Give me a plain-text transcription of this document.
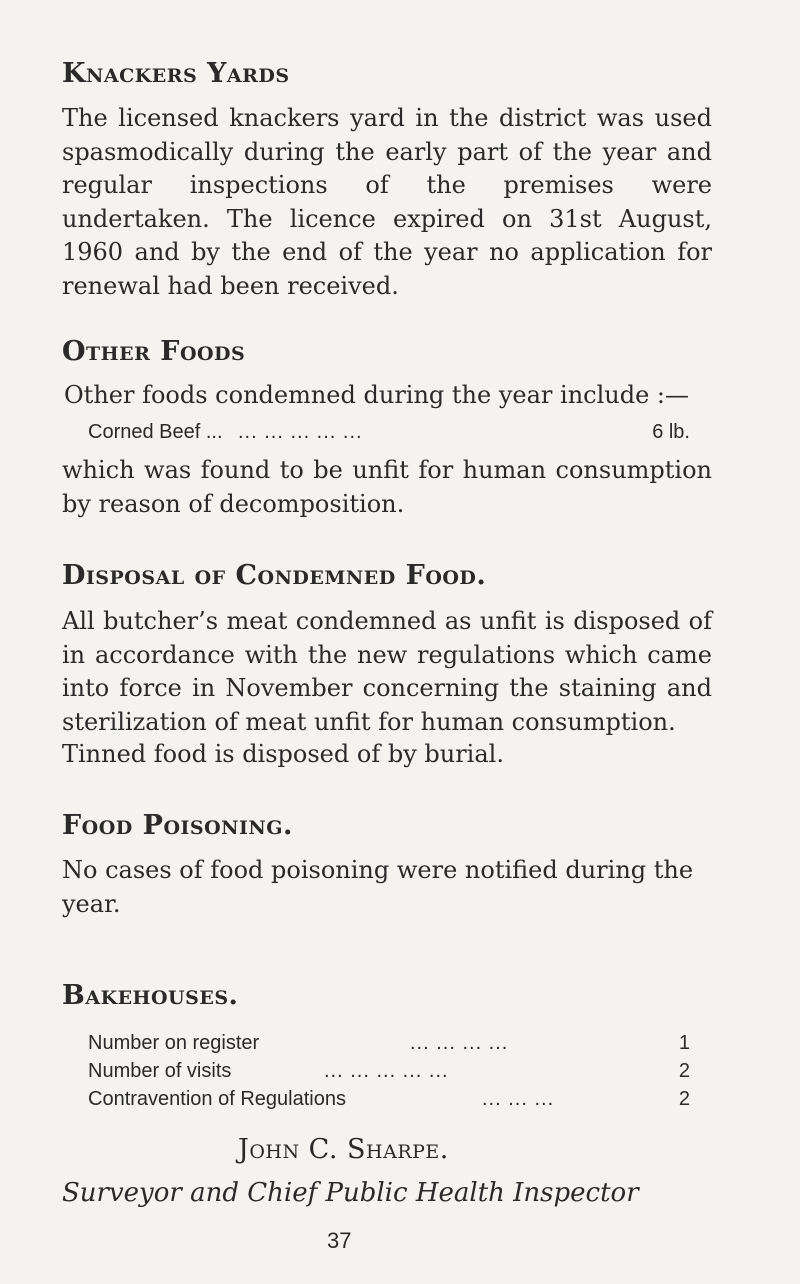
Knackers Yards

The licensed knackers yard in the district was used spasmodically during the early part of the year and regular inspections of the premises were undertaken. The licence expired on 31st August, 1960 and by the end of the year no application for renewal had been received.

Other Foods

Other foods condemned during the year include :—

Corned Beef ... ... ... ... ... ...	6 lb.

which was found to be unfit for human consumption by reason of decomposition.

Disposal of Condemned Food.

All butcher’s meat condemned as unfit is disposed of in accordance with the new regulations which came into force in November concerning the staining and sterilization of meat unfit for human consumption.

Tinned food is disposed of by burial.

Food Poisoning.

No cases of food poisoning were notified during the year.

Bakehouses.
Number on register	... ... ... ...	1
Number of visits	... ... ... ... ...	2
Contravention of Regulations	... ... ...	2
John C. Sharpe.
Surveyor and Chief Public Health Inspector
37
